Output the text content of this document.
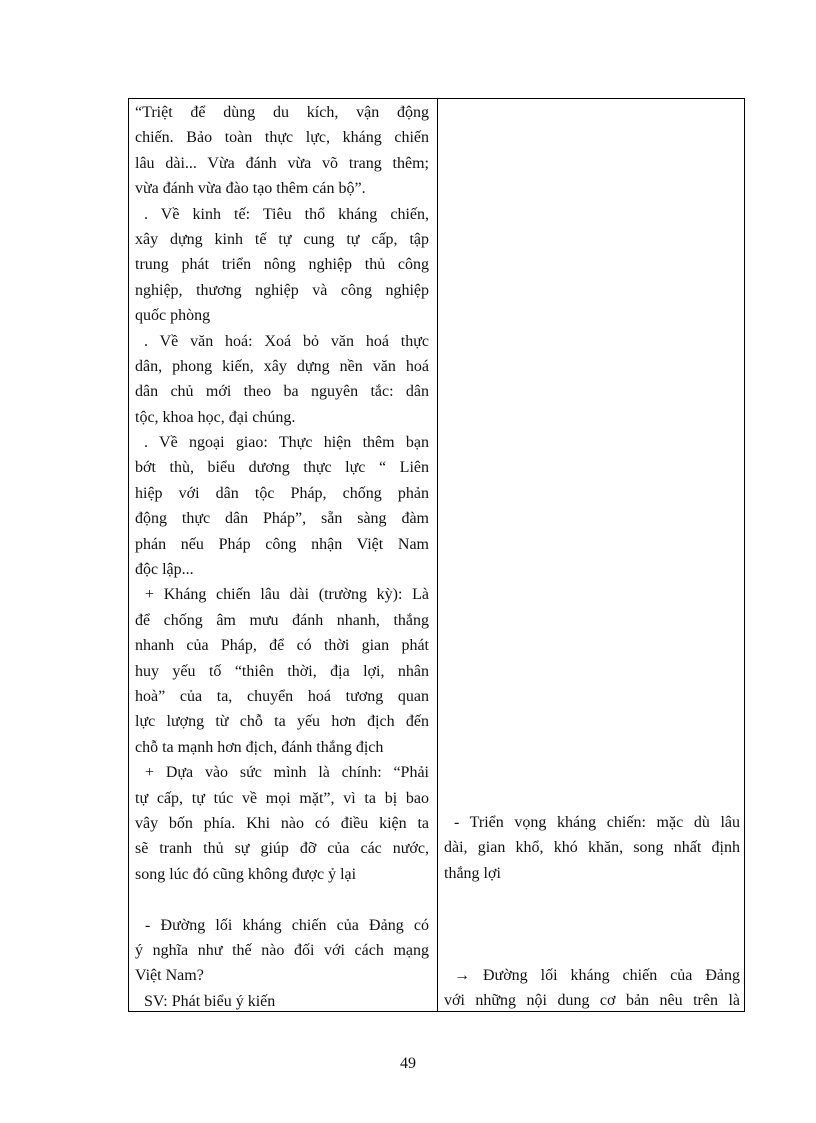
“Triệt để dùng du kích, vận động
chiến. Bảo toàn thực lực, kháng chiến
lâu dài... Vừa đánh vừa võ trang thêm;
vừa đánh vừa đào tạo thêm cán bộ”.
. Về kinh tế: Tiêu thổ kháng chiến,
xây dựng kinh tế tự cung tự cấp, tập
trung phát triển nông nghiệp thủ công
nghiệp, thương nghiệp và công nghiệp
quốc phòng
. Về văn hoá: Xoá bỏ văn hoá thực
dân, phong kiến, xây dựng nền văn hoá
dân chủ mới theo ba nguyên tắc: dân
tộc, khoa học, đại chúng.
. Về ngoại giao: Thực hiện thêm bạn
bớt thù, biểu dương thực lực “ Liên
hiệp với dân tộc Pháp, chống phản
động thực dân Pháp”, sẵn sàng đàm
phán nếu Pháp công nhận Việt Nam
độc lập...
+ Kháng chiến lâu dài (trường kỳ): Là
để chống âm mưu đánh nhanh, thắng
nhanh của Pháp, để có thời gian phát
huy yếu tố “thiên thời, địa lợi, nhân
hoà” của ta, chuyển hoá tương quan
lực lượng từ chỗ ta yếu hơn địch đến
chỗ ta mạnh hơn địch, đánh thắng địch
+ Dựa vào sức mình là chính: “Phải
tự cấp, tự túc về mọi mặt”, vì ta bị bao
vây bốn phía. Khi nào có điều kiện ta
sẽ tranh thủ sự giúp đỡ của các nước,
song lúc đó cũng không được ỷ lại
- Đường lối kháng chiến của Đảng có
ý nghĩa như thế nào đối với cách mạng
Việt Nam?
SV: Phát biểu ý kiến
- Triển vọng kháng chiến: mặc dù lâu
dài, gian khổ, khó khăn, song nhất định
thắng lợi
→ Đường lối kháng chiến của Đảng
với những nội dung cơ bản nêu trên là
49
